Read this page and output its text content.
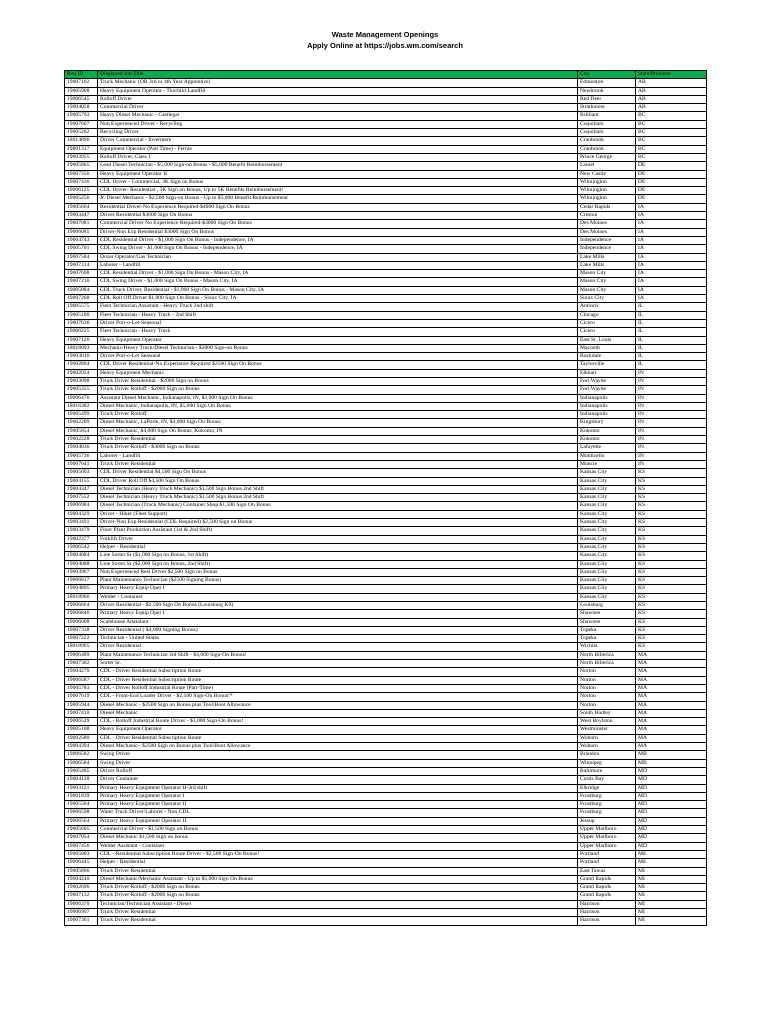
Waste Management Openings
Apply Online at https://jobs.wm.com/search
Req ID	Displayed Job Title	City	State/Province
19007102	Truck Mechanic (OR 3rd or 4th Year Apprentice)	Edmonton	AB
19005908	Heavy Equipment Operator - Thorhild Landfill	Newbrook	AB
19006545	Rolloff Driver	Red Deer	AB
19004058	Commercial Driver	Strathmore	AB
19005793	Heavy Diesel Mechanic - Castlegar	Brilliant	BC
19007607	Non Experienced Driver - Recycling	Coquitlam	BC
19005202	Recycling Driver	Coquitlam	BC
18014896	Driver Commercial - Invermere	Cranbrook	BC
19001317	Equipment Operator (Part Time) - Fernie	Cranbrook	BC
19003955	Rolloff Driver, Class 1	Prince George	BC
19005865	Lead Diesel Technician - $5,000 Sign-on Bonus - $5,000 Benefit Reimbursement	Laurel	DE
19007356	Heavy Equipment Operator II	New Castle	DE
19007436	CDL Driver - Commercial, 3K Sign on Bonus	Wilmington	DE
19006125	CDL Driver- Residential , 3K Sign on Bonus; Up to 5K Benefits Reimbursement!	Wilmington	DE
19005256	Jr. Diesel Mechanic - $2,500 Sign-on Bonus - Up to $5,000 Benefit Reimbursement	Wilmington	DE
19005664	Residential Driver-No Experience Required-$4000 Sign On Bonus	Cedar Rapids	IA
19003447	Driver Residential $3000 Sign On Bonus	Creston	IA
19007081	Commercial Driver No Experience Required-$3000 Sign On Bonus	Des Moines	IA
19006085	Driver-Non Exp Residential $3000 Sign On Bonus	Des Moines	IA
19004743	CDL Residential Driver - $1,000 Sign On Bonus - Independence, IA	Independence	IA
19005701	CDL Swing Driver - $1,000 Sign On Bonus - Independence, IA	Independence	IA
19007584	Dozer Operator/Gas Technician	Lake Mills	IA
19007314	Laborer - Landfill	Lake Mills	IA
19007698	CDL Residential Driver - $1,000 Sign On Bonus - Mason City, IA	Mason City	IA
19007216	CDL Swing Driver - $1,000 Sign On Bonus - Mason City, IA	Mason City	IA
19005084	CDL Truck Driver, Residential - $1,000 Sign On Bonus - Mason City, IA	Mason City	IA
19007268	CDL Roll Off Driver $1,000 Sign On Bonus - Sioux City, IA	Sioux City	IA
19005575	Fleet Technician Assistant - Heavy Truck 2nd shift	Antioch	IL
19005180	Fleet Technician - Heavy Truck - 2nd Shift	Chicago	IL
19007636	Driver Port-o-Let-Seasonal	Cicero	IL
19006225	Fleet Technician - Heavy Truck	Cicero	IL
19007126	Heavy Equipment Operator	East St. Louis	IL
18018093	Mechanic/Heavy Truck/Diesel Technician - $2000 Sign-on Bonus	Macomb	IL
19003016	Driver Port-o-Let Seasonal	Rockdale	IL
19002804	CDL Driver Residential-No Experience Required $2500 Sign On Bonus	Taylorville	IL
19002054	Heavy Equipment Mechanic	Elkhart	IN
19003098	Truck Driver Residential - $2000 Sign on Bonus	Fort Wayne	IN
19005355	Truck Driver Rolloff - $2000 Sign on Bonus	Fort Wayne	IN
19006476	Assistant Diesel Mechanic, Indianapolis, IN, $2,000 Sign On Bonus	Indianapolis	IN
18016382	Diesel Mechanic, Indianapolis, IN, $5,000 Sign On Bonus	Indianapolis	IN
19005499	Truck Driver Rolloff	Indianapolis	IN
19002209	Diesel Mechanic, LaPorte, IN, $4,000 Sign On Bonus	Kingsbury	IN
19005854	Diesel Mechanic, $4,000 Sign On Bonus, Kokomo, IN	Kokomo	IN
19002228	Truck Driver Residential	Kokomo	IN
19004836	Truck Driver Rolloff - $3000 Sign on Bonus	Lafayette	IN
19005736	Laborer - Landfill	Monticello	IN
19007641	Truck Driver Residential	Muncie	IN
19005603	CDL Driver Residential $4,500 Sign On Bonus	Kansas City	KS
19004155	CDL Driver Roll Off $4,500 Sign On Bonus	Kansas City	KS
19004347	Diesel Technician (Heavy Truck Mechanic) $1,500 Sign Bonus 2nd Shift	Kansas City	KS
19007552	Diesel Technician (Heavy Truck Mechanic) $1,500 Sign Bonus 2nd Shift	Kansas City	KS
19006984	Diesel Technician (Truck Mechanic) Container Shop $1,500 Sign On Bonus	Kansas City	KS
19004329	Driver - Hiker (Fleet Support)	Kansas City	KS
19003491	Driver-Non Exp Residential (CDL Required) $2,500 Sign on Bonus	Kansas City	KS
19003479	Floor Plant Production Assistant (1st & 2nd Shift)	Kansas City	KS
19002377	Forklift Driver	Kansas City	KS
19006542	Helper - Residential	Kansas City	KS
19004084	Line Sorter Sr ($1,000 Sign on Bonus, 1st Shift)	Kansas City	KS
19004088	Line Sorter Sr ($2,000 Sign on Bonus, 2nd Shift)	Kansas City	KS
19003967	Non Experienced Resi Driver $2,500 Sign on Bonus	Kansas City	KS
19006817	Plant Maintenance Technician ($2500 Signing Bonus)	Kansas City	KS
19004895	Primary Heavy Equip Oper I	Kansas City	KS
18018966	Welder - Container	Kansas City	KS
19006664	Driver Residential - $2,500 Sign On Bonus (Louisburg KS)	Louisburg	KS
19006846	Primary Heavy Equip Oper I	Shawnee	KS
19006008	Scalehouse Attendant	Shawnee	KS
19007338	Driver Residential ( $4,000 Signing Bonus)	Topeka	KS
19007222	Technician - United States	Topeka	KS
18018965	Driver Residential	Wichita	KS
19006489	Plant Maintenance Technician 3rd Shift - $4,000 Sign-On Bonus!	North Billerica	MA
19007302	Sorter Sr.	North Billerica	MA
19004270	CDL - Driver Residential Subscription Route	Norton	MA
19006587	CDL - Driver Residential Subscription Route	Norton	MA
19005783	CDL - Driver Rolloff Industrial Route (Part-Time)	Norton	MA
19007619	CDL - Front-End Loader Driver - $2,500 Sign-On Bonus!*	Norton	MA
19005944	Diesel Mechanic - $2500 Sign on Bonus plus Tool/Boot Allowance	Norton	MA
19007410	Diesel Mechanic	South Hadley	MA
19006529	CDL - Rolloff Industrial Route Driver - $3,000 Sign-On Bonus!	West Boylston	MA
19005108	Heavy Equipment Operator	Westminster	MA
19002580	CDL - Driver Residential Subscription Route	Woburn	MA
19004394	Diesel Mechanic~ $2500 Sign on Bonus plus Tool/Boot Allowance	Woburn	MA
19006582	Swing Driver	Brandon	MB
19006584	Swing Driver	Winnipeg	MB
19005485	Driver Rolloff	Baltimore	MD
19004128	Driver Container	Curtis Bay	MD
19003121	Primary Heavy Equipment Operator II-3rd shift	Elkridge	MD
19001839	Primary Heavy Equipment Operator I	Frostburg	MD
19005504	Primary Heavy Equipment Operator II	Frostburg	MD
19006598	Water Truck Driver/Laborer - Non CDL	Frostburg	MD
19006564	Primary Heavy Equipment Operator II	Jessup	MD
19005605	Commercial Driver - $1,500 Sign on Bonus	Upper Marlboro	MD
19007054	Diesel Mechanic $1,500 Sign on bonus	Upper Marlboro	MD
19007456	Welder Assistant - Container	Upper Marlboro	MD
19005003	CDL - Residential Subscription Route Driver - $2,500 Sign-On Bonus!	Portland	ME
19006445	Helper - Residential	Portland	ME
19005866	Truck Driver Residential	East Tawas	MI
19004240	Diesel Mechanic/Mechanic Assistant - Up to $5,000 Sign On Bonus	Grand Rapids	MI
19002696	Truck Driver Rolloff - $2000 Sign on Bonus	Grand Rapids	MI
19007132	Truck Driver Rolloff - $2000 Sign on Bonus	Grand Rapids	MI
19006370	Technician/Technician Assistant - Diesel	Harrison	MI
19006997	Truck Driver Residential	Harrison	MI
19007361	Truck Driver Residential	Harrison	MI
